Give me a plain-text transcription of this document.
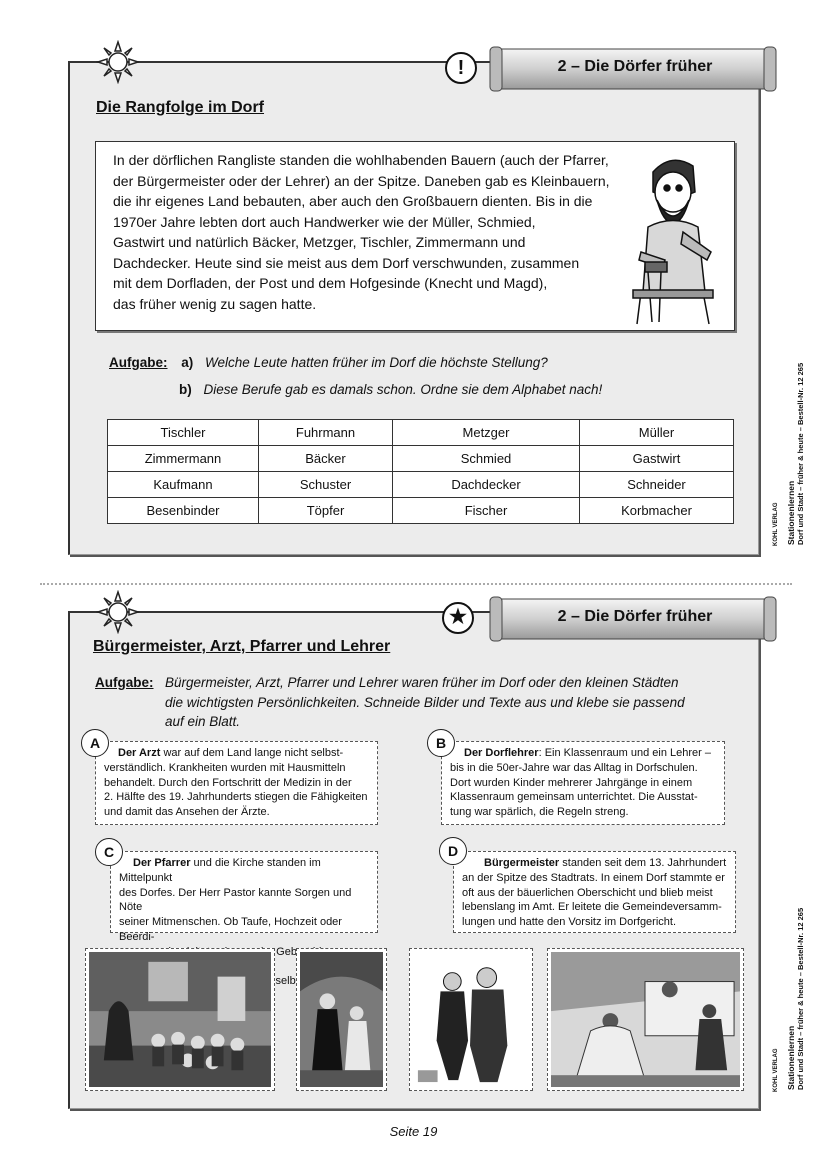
!	2 – Die Dörfer früher
Die Rangfolge im Dorf
In der dörflichen Rangliste standen die wohlhabenden Bauern (auch der Pfarrer,
der Bürgermeister oder der Lehrer) an der Spitze. Daneben gab es Kleinbauern,
die ihr eigenes Land bebauten, aber auch den Großbauern dienten. Bis in die
1970er Jahre lebten dort auch Handwerker wie der Müller, Schmied,
Gastwirt und natürlich Bäcker, Metzger, Tischler, Zimmermann und
Dachdecker. Heute sind sie meist aus dem Dorf verschwunden, zusammen
mit dem Dorfladen, der Post und dem Hofgesinde (Knecht und Magd),
das früher wenig zu sagen hatte.
Aufgabe: a) Welche Leute hatten früher im Dorf die höchste Stellung?
b) Diese Berufe gab es damals schon. Ordne sie dem Alphabet nach!
Tischler	Fuhrmann	Metzger	Müller
Zimmermann	Bäcker	Schmied	Gastwirt
Kaufmann	Schuster	Dachdecker	Schneider
Besenbinder	Töpfer	Fischer	Korbmacher	Stationenlernen Dorf und Stadt – früher & heute – Bestell-Nr. 12 265
KOHL VERLAG
★	2 – Die Dörfer früher
Bürgermeister, Arzt, Pfarrer und Lehrer
Aufgabe: Bürgermeister, Arzt, Pfarrer und Lehrer waren früher im Dorf oder den kleinen Städten
die wichtigsten Persönlichkeiten. Schneide Bilder und Texte aus und klebe sie passend
auf ein Blatt.
Der Arzt war auf dem Land lange nicht selbst-
verständlich. Krankheiten wurden mit Hausmitteln
behandelt. Durch den Fortschritt der Medizin in der
2. Hälfte des 19. Jahrhunderts stiegen die Fähigkeiten
und damit das Ansehen der Ärzte.
A
Der Dorflehrer: Ein Klassenraum und ein Lehrer –
bis in die 50er-Jahre war das Alltag in Dorfschulen.
Dort wurden Kinder mehrerer Jahrgänge in einem
Klassenraum gemeinsam unterrichtet. Die Ausstat-
tung war spärlich, die Regeln streng.
B
Der Pfarrer und die Kirche standen im Mittelpunkt
des Dorfes. Der Herr Pastor kannte Sorgen und Nöte
seiner Mitmenschen. Ob Taufe, Hochzeit oder Beerdi-
Geburt
C
Bürgermeister standen seit dem 13. Jahrhundert
an der Spitze des Stadtrats. In einem Dorf stammte er
oft aus der bäuerlichen Oberschicht und blieb meist
lebenslang im Amt. Er leitete die Gemeindeversamm-
lungen und hatte den Vorsitz im Dorfgericht.
D
Stationenlernen Dorf und Stadt – früher & heute – Bestell-Nr. 12 265
KOHL VERLAG
Seite 19
